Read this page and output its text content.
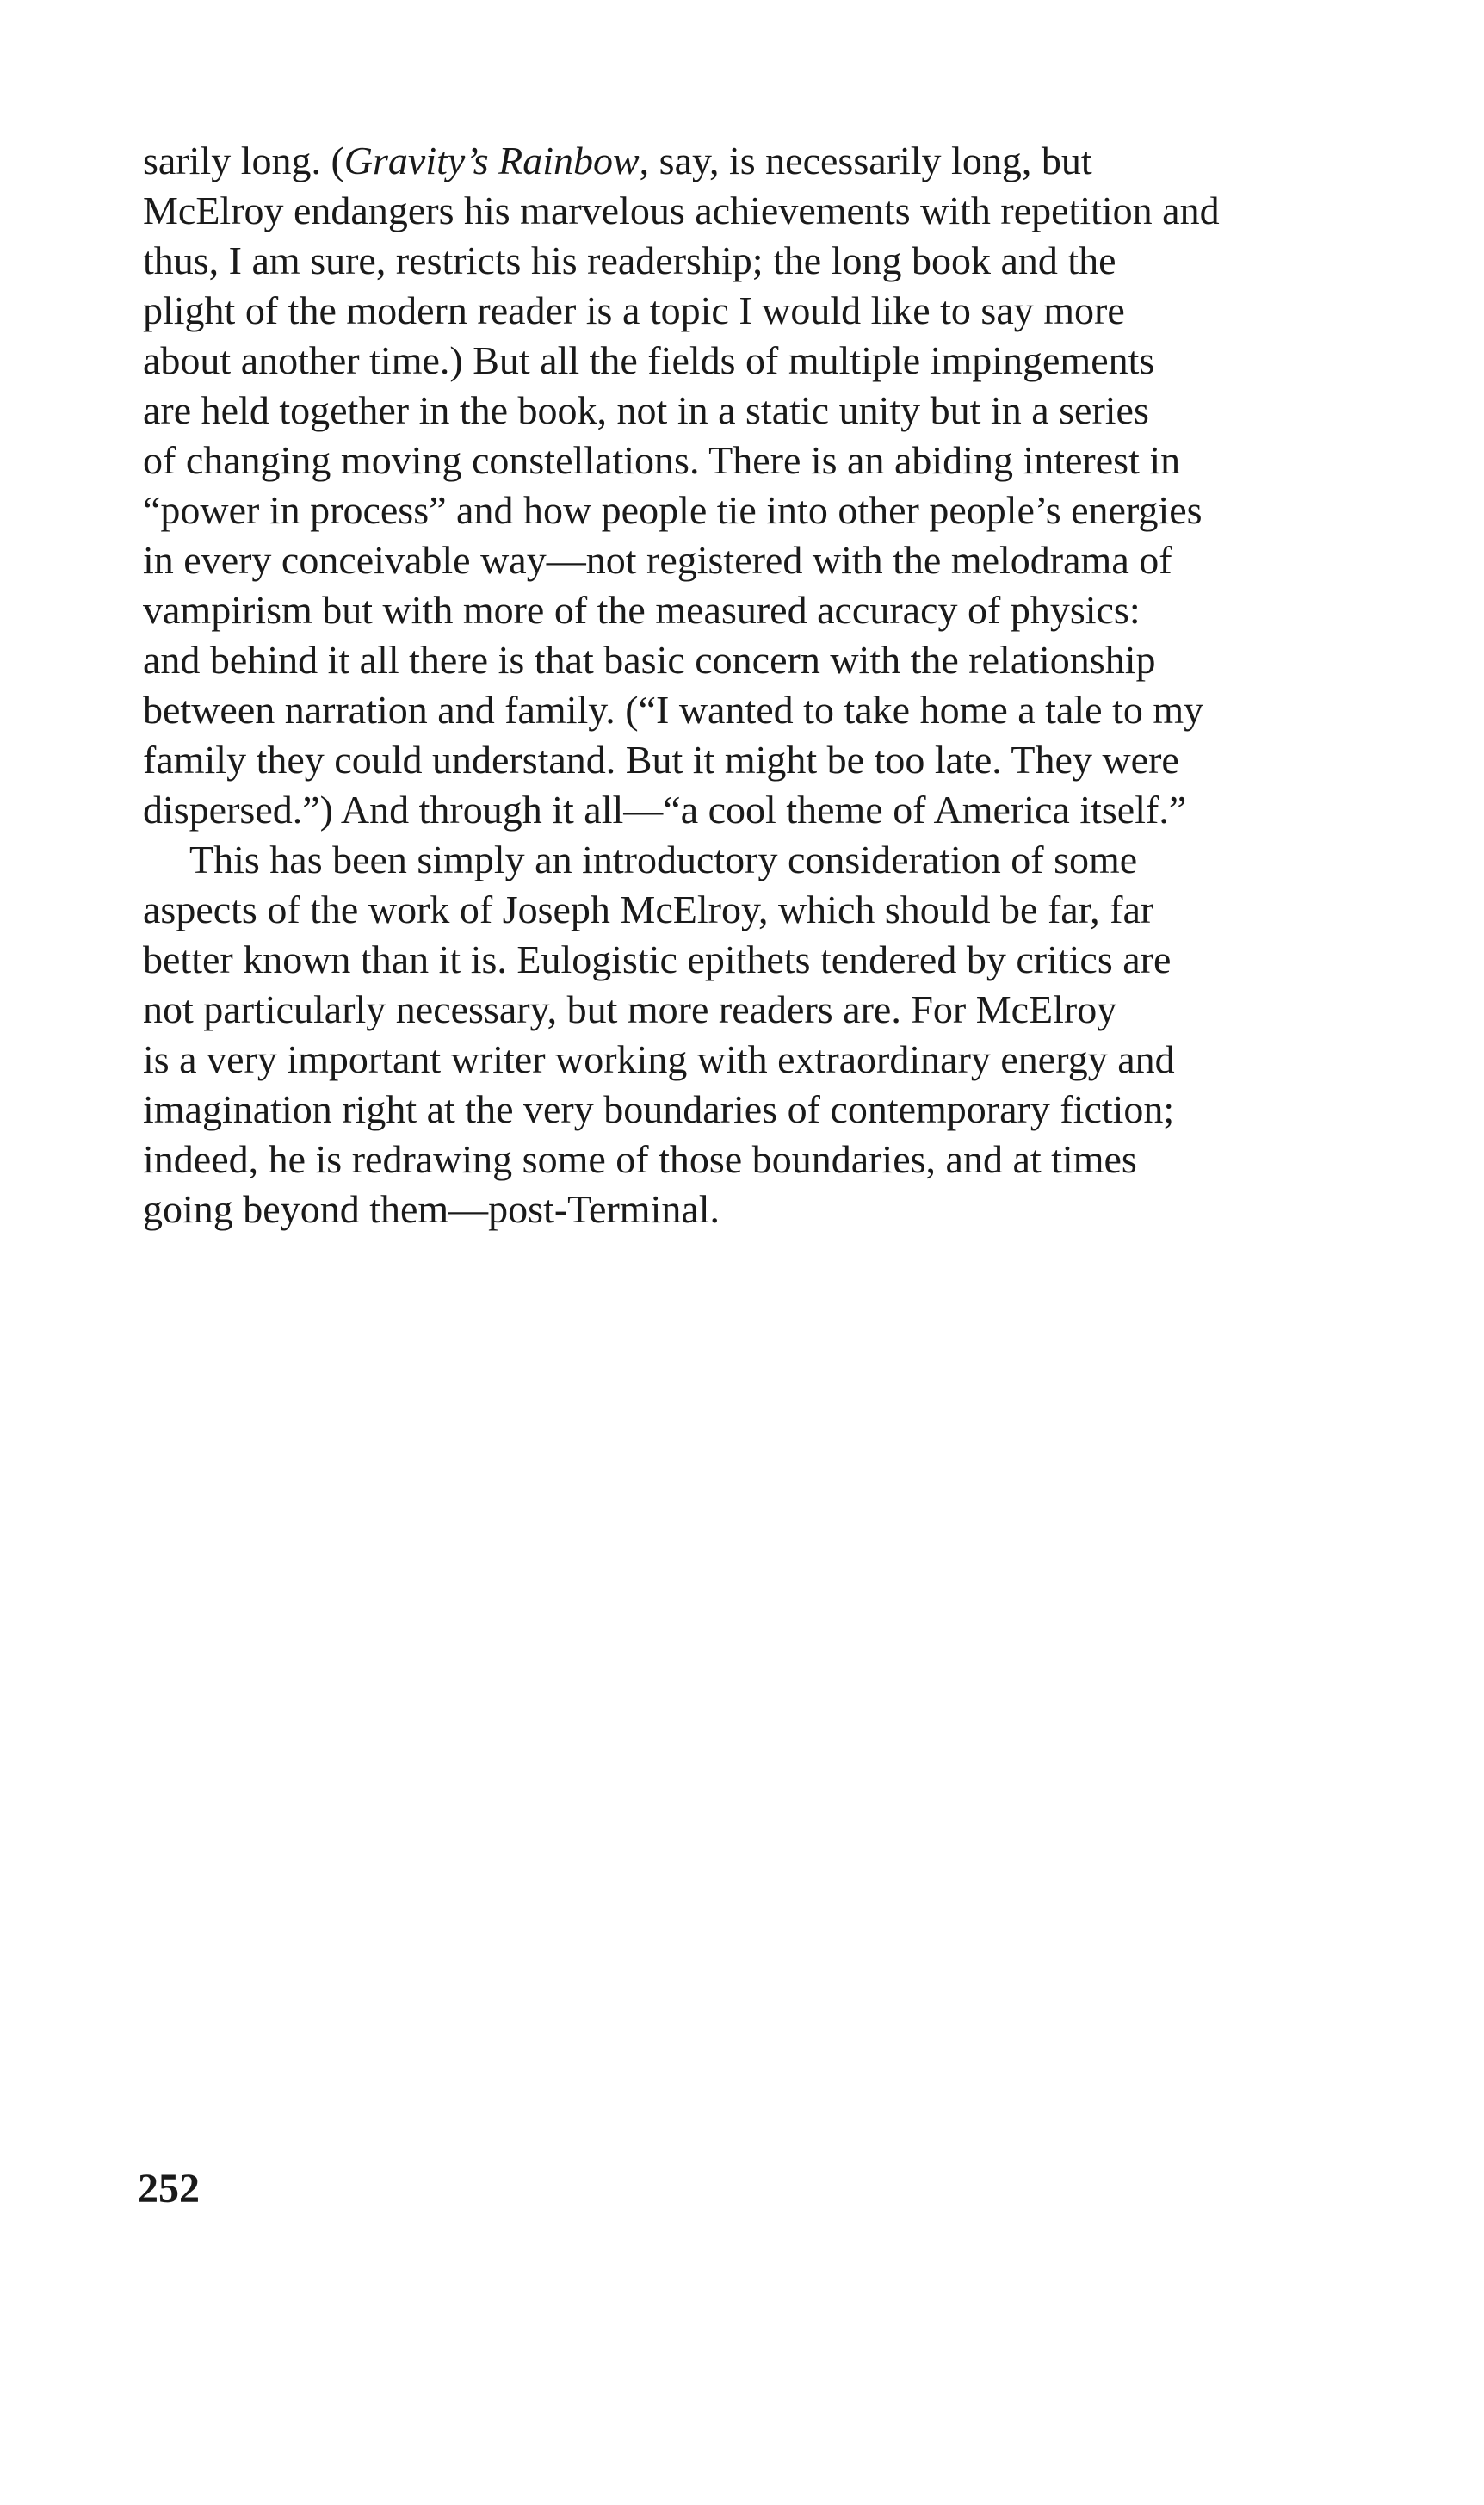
sarily long. (Gravity’s Rainbow, say, is necessarily long, but
McElroy endangers his marvelous achievements with repetition and
thus, I am sure, restricts his readership; the long book and the
plight of the modern reader is a topic I would like to say more
about another time.) But all the fields of multiple impingements
are held together in the book, not in a static unity but in a series
of changing moving constellations. There is an abiding interest in
“power in process” and how people tie into other people’s energies
in every conceivable way—not registered with the melodrama of
vampirism but with more of the measured accuracy of physics:
and behind it all there is that basic concern with the relationship
between narration and family. (“I wanted to take home a tale to my
family they could understand. But it might be too late. They were
dispersed.”) And through it all—“a cool theme of America itself.”
This has been simply an introductory consideration of some
aspects of the work of Joseph McElroy, which should be far, far
better known than it is. Eulogistic epithets tendered by critics are
not particularly necessary, but more readers are. For McElroy
is a very important writer working with extraordinary energy and
imagination right at the very boundaries of contemporary fiction;
indeed, he is redrawing some of those boundaries, and at times
going beyond them—post-Terminal.
252
